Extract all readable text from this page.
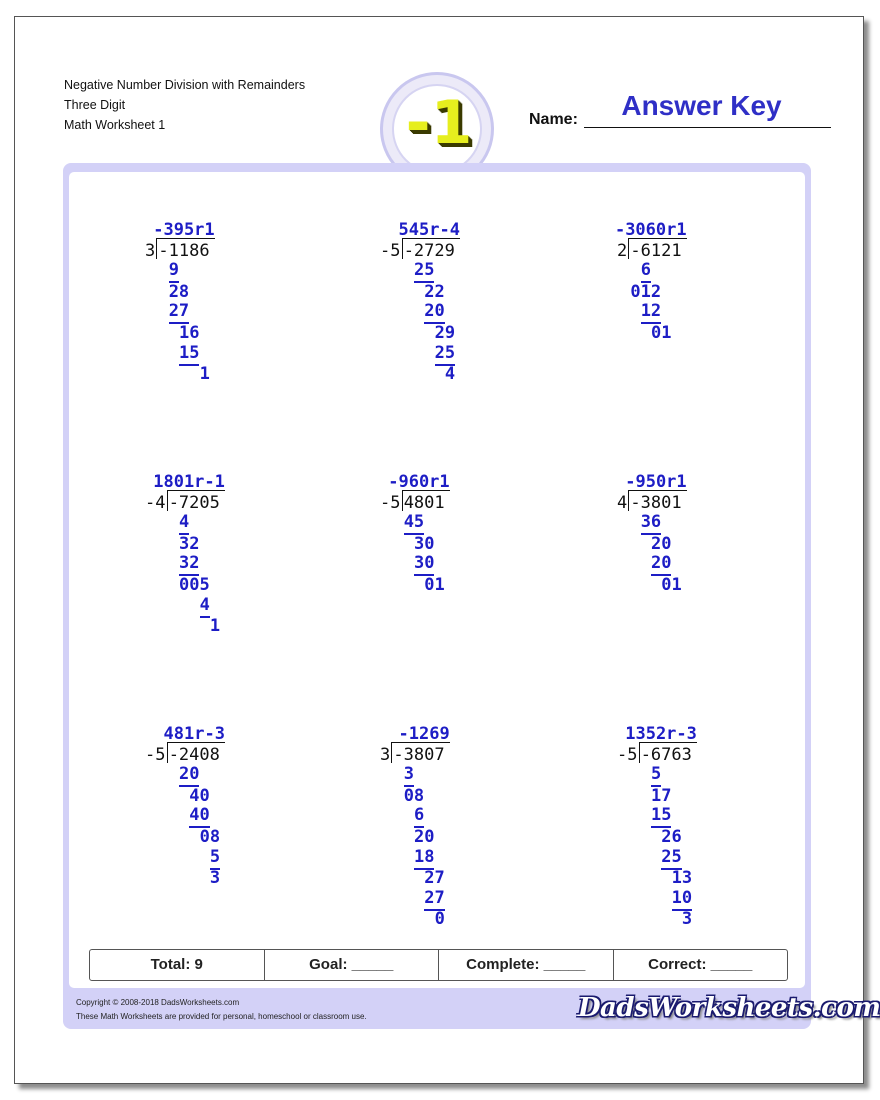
Negative Number Division with Remainders
Three Digit
Math Worksheet 1	-1	Name:	Answer Key
-395r1
3 -1186
9
28
27
16
15
1
545r-4
-5 -2729
25
22
20
29
25
4
-3060r1
2 -6121
6
012
12
01
1801r-1
-4 -7205
4
32
32
005
4
1
-960r1
-5 4801
45
30
30
01
-950r1
4 -3801
36
20
20
01
481r-3
-5 -2408
20
40
40
08
5
3
-1269
3 -3807
3
08
6
20
18
27
27
0
1352r-3
-5 -6763
5
17
15
26
25
13
10
3
Total: 9	Goal: _____	Complete: _____	Correct: _____
Copyright © 2008-2018 DadsWorksheets.com
These Math Worksheets are provided for personal, homeschool or classroom use.	DadsWorksheets.com
